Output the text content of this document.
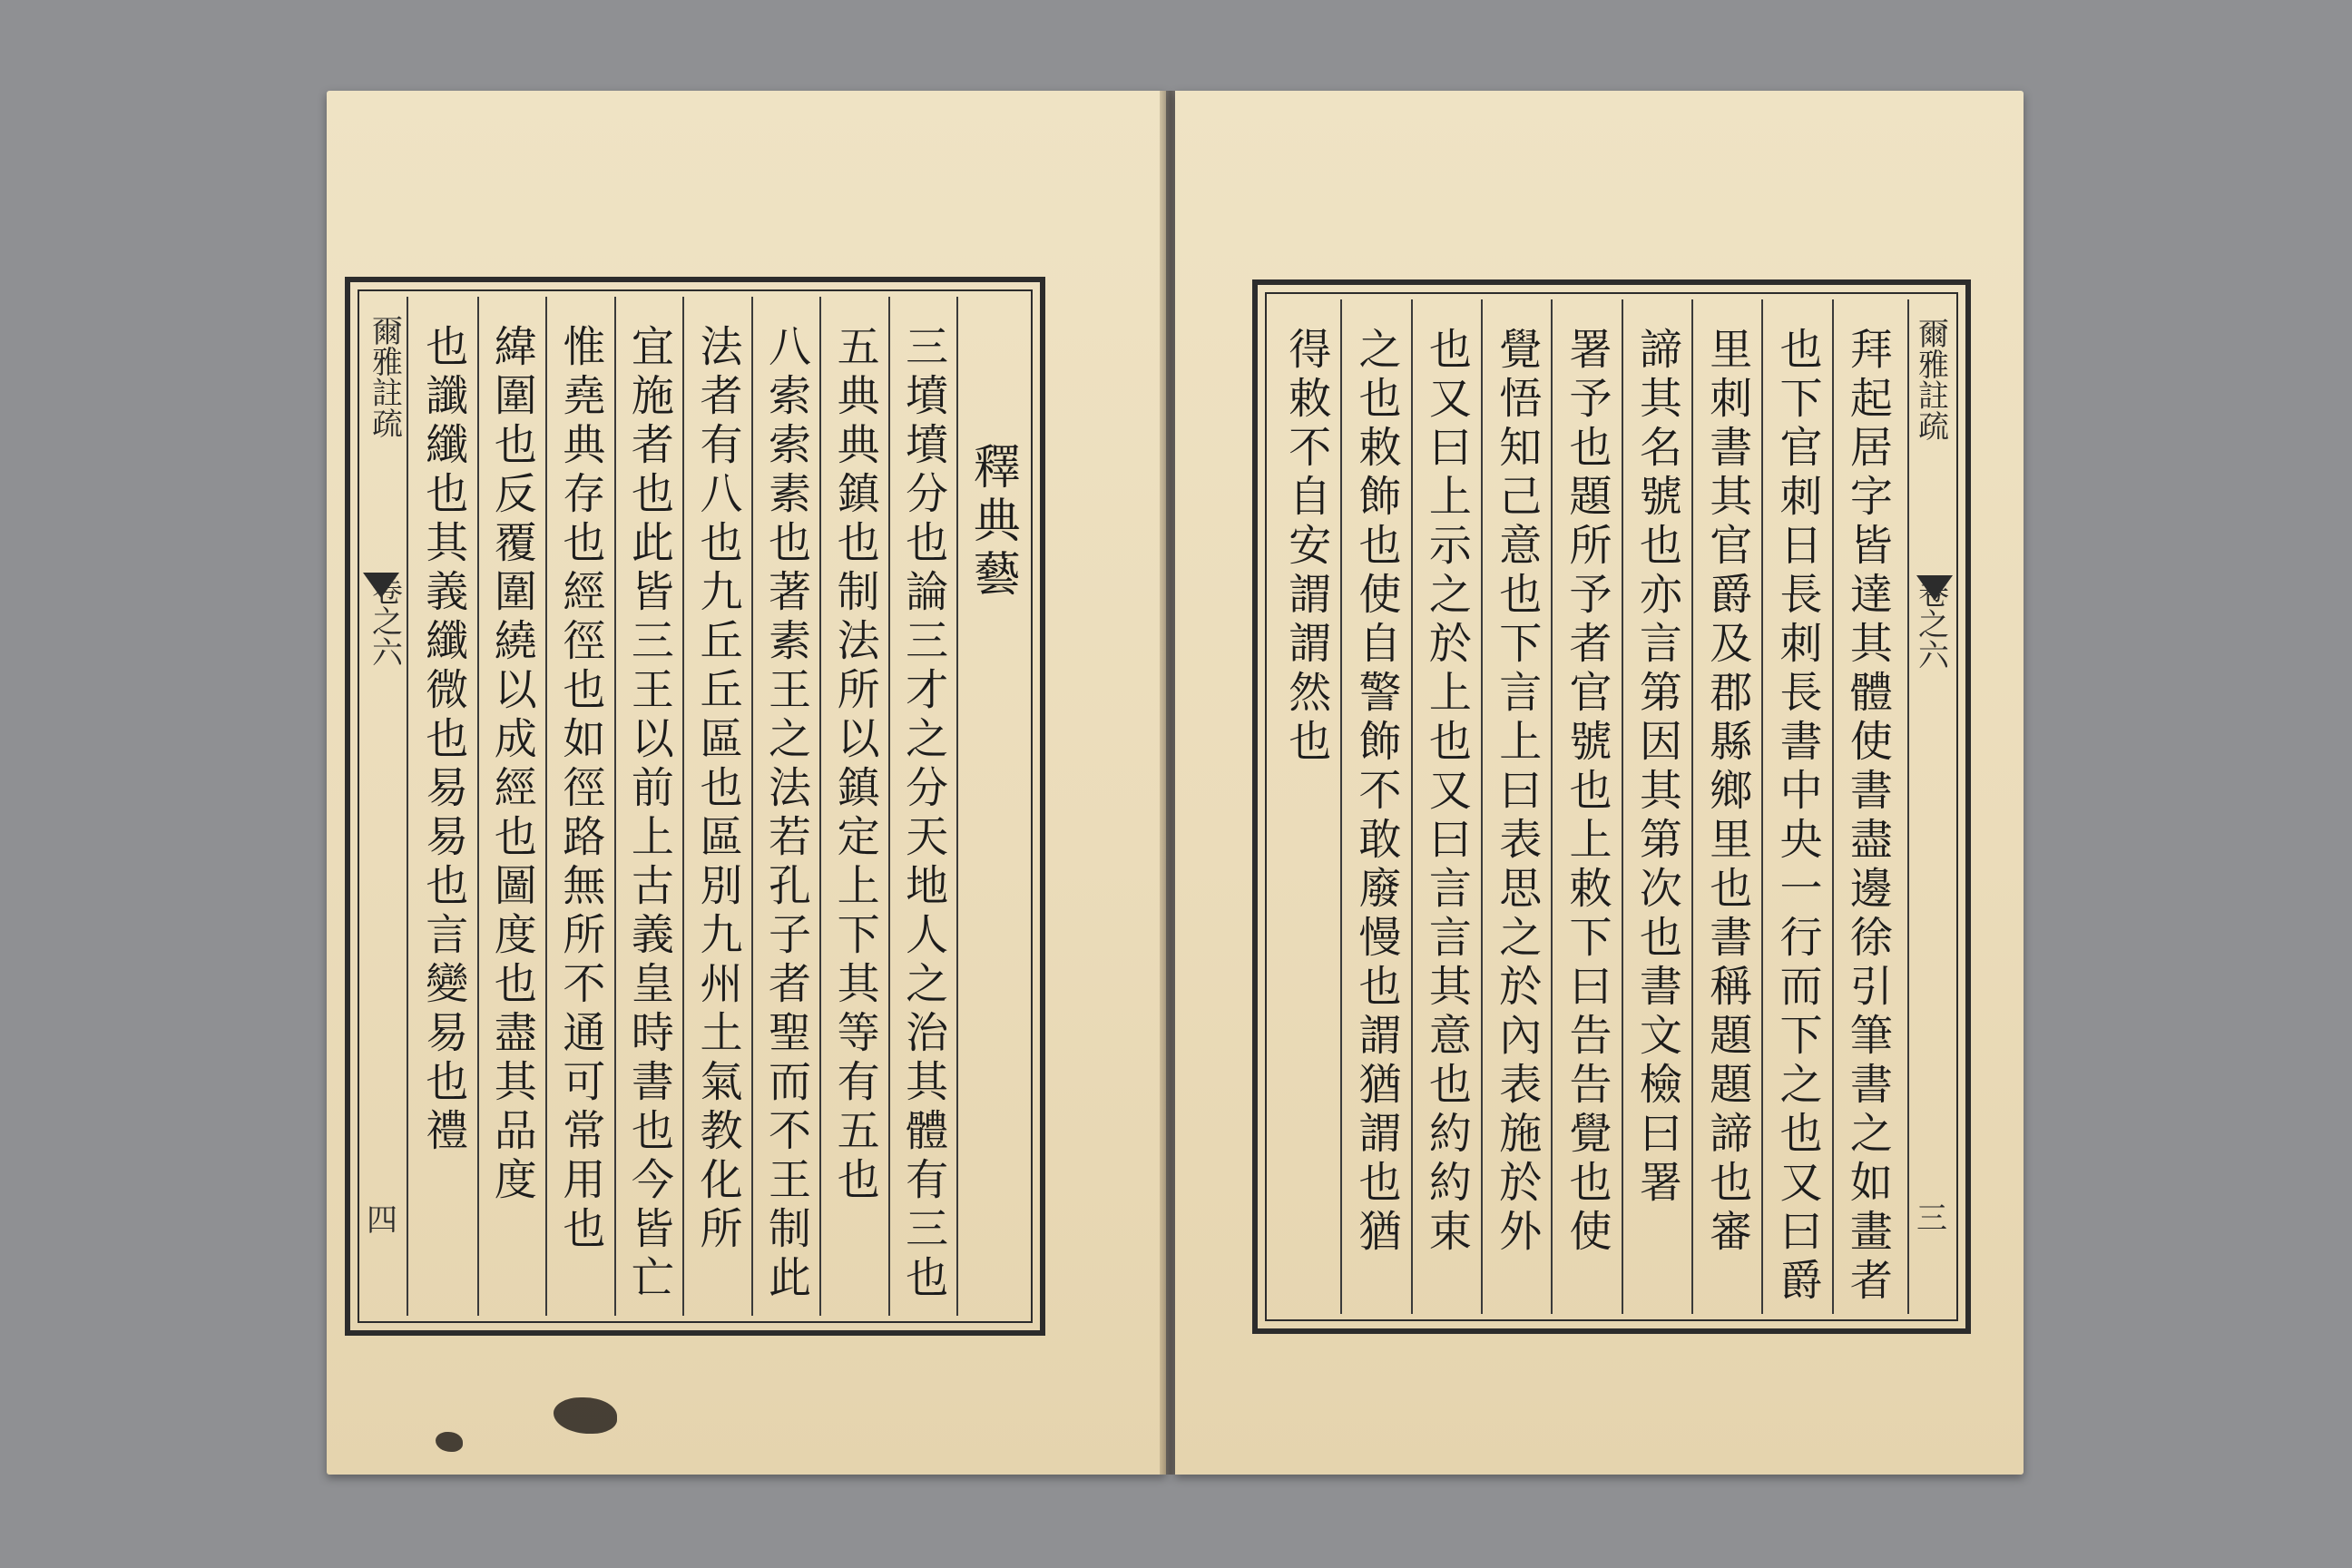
爾雅註疏
卷之六
釋典藝
三墳墳分也論三才之分天地人之治其體有三也
五典典鎮也制法所以鎮定上下其等有五也
八索索素也著素王之法若孔子者聖而不王制此
法者有八也九丘丘區也區別九州土氣教化所
宜施者也此皆三王以前上古義皇時書也今皆亡
惟堯典存也經徑也如徑路無所不通可常用也
緯圍也反覆圍繞以成經也圖度也盡其品度
也讖纖也其義纖微也易易也言變易也禮
四	拜起居字皆達其體使書盡邊徐引筆書之如畫者
也下官刺日長刺長書中央一行而下之也又曰爵
里刺書其官爵及郡縣鄉里也書稱題題諦也審
諦其名號也亦言第因其第次也書文檢曰署
署予也題所予者官號也上敕下曰告告覺也使
覺悟知己意也下言上曰表思之於內表施於外
也又曰上示之於上也又曰言言其意也約約束
之也敕飾也使自警飾不敢廢慢也謂猶謂也猶
得敕不自安謂謂然也	爾雅註疏
卷之六
三
